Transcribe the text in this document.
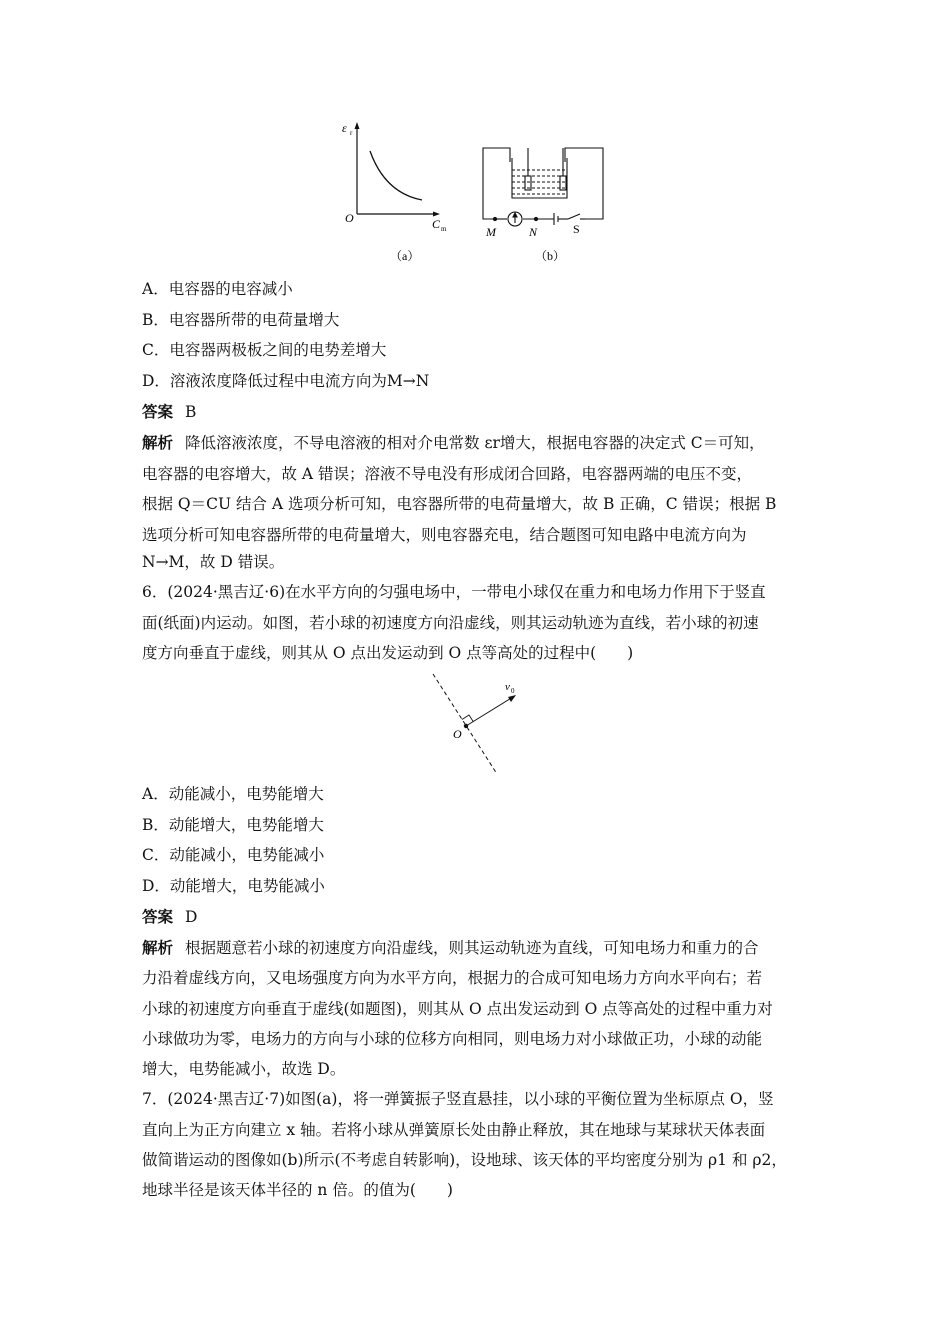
ε r
O	C m
（a）
M	N	S
（b）
A．电容器的电容减小
B．电容器所带的电荷量增大
C．电容器两极板之间的电势差增大
D．溶液浓度降低过程中电流方向为M→N
答案 B
解析 降低溶液浓度，不导电溶液的相对介电常数 εr增大，根据电容器的决定式 C＝可知，
电容器的电容增大，故 A 错误；溶液不导电没有形成闭合回路，电容器两端的电压不变，
根据 Q＝CU 结合 A 选项分析可知，电容器所带的电荷量增大，故 B 正确，C 错误；根据 B
选项分析可知电容器所带的电荷量增大，则电容器充电，结合题图可知电路中电流方向为
N→M，故 D 错误。
6．(2024·黑吉辽·6)在水平方向的匀强电场中，一带电小球仅在重力和电场力作用下于竖直
面(纸面)内运动。如图，若小球的初速度方向沿虚线，则其运动轨迹为直线，若小球的初速
度方向垂直于虚线，则其从 O 点出发运动到 O 点等高处的过程中(　　)
O
v 0
A．动能减小，电势能增大
B．动能增大，电势能增大
C．动能减小，电势能减小
D．动能增大，电势能减小
答案 D
解析 根据题意若小球的初速度方向沿虚线，则其运动轨迹为直线，可知电场力和重力的合
力沿着虚线方向，又电场强度方向为水平方向，根据力的合成可知电场力方向水平向右；若
小球的初速度方向垂直于虚线(如题图)，则其从 O 点出发运动到 O 点等高处的过程中重力对
小球做功为零，电场力的方向与小球的位移方向相同，则电场力对小球做正功，小球的动能
增大，电势能减小，故选 D。
7．(2024·黑吉辽·7)如图(a)，将一弹簧振子竖直悬挂，以小球的平衡位置为坐标原点 O，竖
直向上为正方向建立 x 轴。若将小球从弹簧原长处由静止释放，其在地球与某球状天体表面
做简谐运动的图像如(b)所示(不考虑自转影响)，设地球、该天体的平均密度分别为 ρ1 和 ρ2，
地球半径是该天体半径的 n 倍。的值为(　　)
